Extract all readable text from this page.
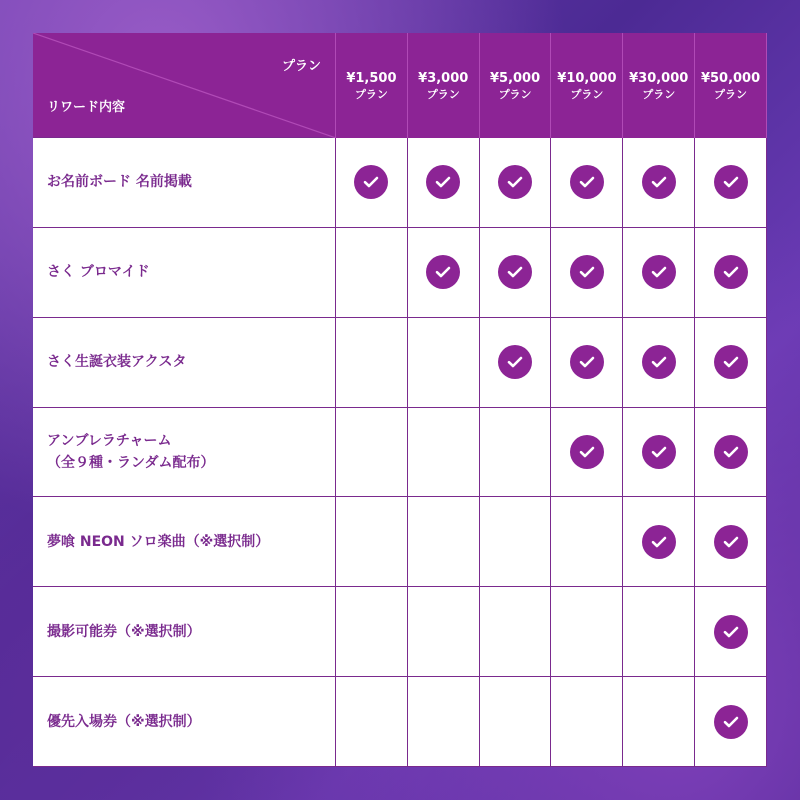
プラン
リワード内容
¥1,500
プラン
¥3,000
プラン
¥5,000
プラン
¥10,000
プラン
¥30,000
プラン
¥50,000
プラン
お名前ボード 名前掲載
さく ブロマイド
さく生誕衣装アクスタ
アンブレラチャーム
（全９種・ランダム配布）
夢喰 NEON ソロ楽曲（※選択制）
撮影可能券（※選択制）
優先入場券（※選択制）
